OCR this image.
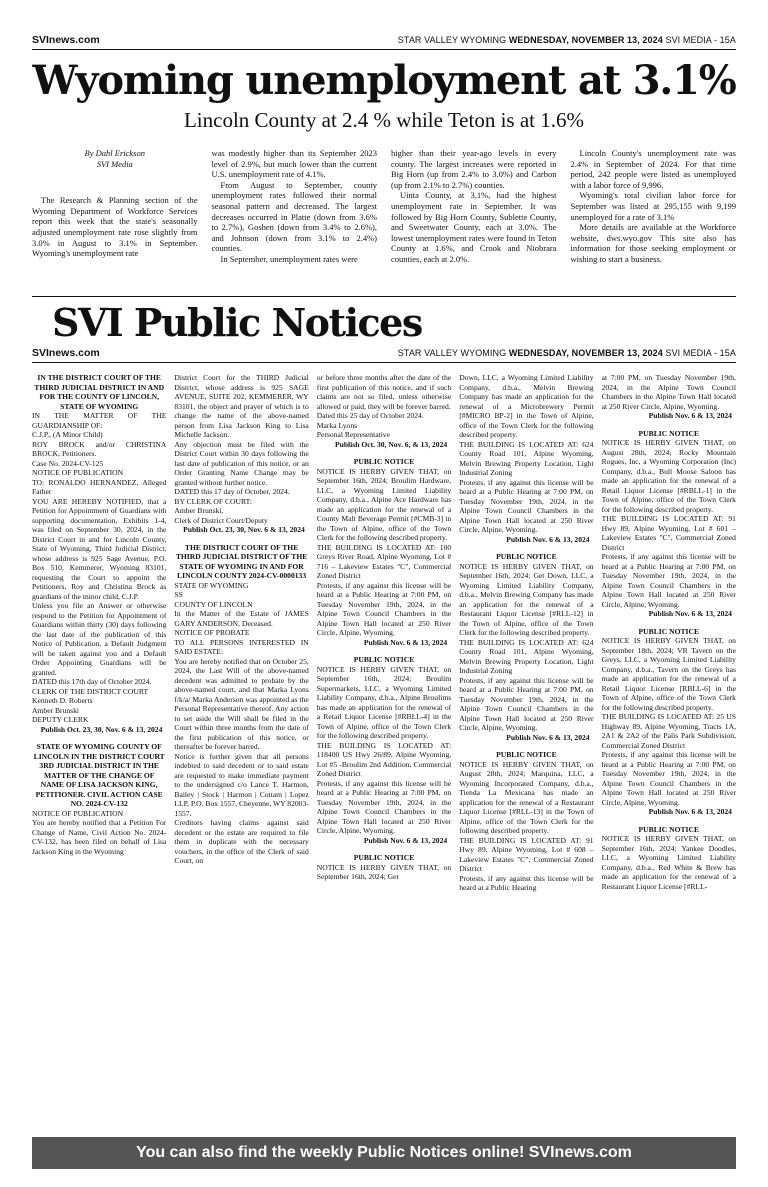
SVInews.com	STAR VALLEY WYOMING WEDNESDAY, NOVEMBER 13, 2024 SVI MEDIA - 15A
Wyoming unemployment at 3.1%
Lincoln County at 2.4 % while Teton is at 1.6%

By Dahl Erickson
SVI Media

The Research & Planning section of the Wyoming Department of Workforce Services report this week that the state's seasonally adjusted unemployment rate rose slightly from 3.0% in August to 3.1% in September. Wyoming's unemployment rate

was modestly higher than its September 2023 level of 2.9%, but much lower than the current U.S. unemployment rate of 4.1%.

From August to September, county unemployment rates followed their normal seasonal pattern and decreased. The largest decreases occurred in Platte (down from 3.6% to 2.7%), Goshen (down from 3.4% to 2.6%), and Johnson (down from 3.1% to 2.4%) counties.

In September, unemployment rates were

higher than their year-ago levels in every county. The largest increases were reported in Big Horn (up from 2.4% to 3.0%) and Carbon (up from 2.1% to 2.7%) counties.

Uinta County, at 3.1%, had the highest unemployment rate in September. It was followed by Big Horn County, Sublette County, and Sweetwater County, each at 3.0%. The lowest unemployment rates were found in Teton County at 1.6%, and Crook and Niobrara counties, each at 2.0%.

Lincoln County's unemployment rate was 2.4% in September of 2024. For that time period, 242 people were listed as unemployed with a labor force of 9,996.

Wyoming's total civilian labor force for September was listed at 295,155 with 9,199 unemployed for a rate of 3.1%

More details are available at the Workforce website, dws.wyo.gov This site also has information for those seeking employment or wishing to start a business.

SVI Public Notices
SVInews.com	STAR VALLEY WYOMING WEDNESDAY, NOVEMBER 13, 2024 SVI MEDIA - 15A

IN THE DISTRICT COURT OF THE THIRD JUDICIAL DISTRICT IN AND FOR THE COUNTY OF LINCOLN, STATE OF WYOMING

IN THE MATTER OF THE GUARDIANSHIP OF:

C.J.P., (A Minor Child)

ROY BROCK and/or CHRISTINA BROCK, Petitioners.

Case No. 2024-CV-125

NOTICE OF PUBLICATION

TO: RONALDO HERNANDEZ, Alleged Father

YOU ARE HEREBY NOTIFIED, that a Petition for Appointment of Guardians with supporting documentation, Exhibits 1-4, was filed on September 30, 2024, in the District Court in and for Lincoln County, State of Wyoming, Third Judicial District, whose address is 925 Sage Avenue, P.O. Box 510, Kemmerer, Wyoming 83101, requesting the Court to appoint the Petitioners, Roy and Christina Brock as guardians of the minor child, C.J.P.

Unless you file an Answer or otherwise respond to the Petition for Appointment of Guardians within thirty (30) days following the last date of the publication of this Notice of Publication, a Default Judgment will be taken against you and a Default Order Appointing Guardians will be granted.

DATED this 17th day of October 2024.

CLERK OF THE DISTRICT COURT

Kenneth D. Roberts

Amber Brunski

DEPUTY CLERK

Publish Oct. 23, 30, Nov. 6 & 13, 2024

STATE OF WYOMING COUNTY OF LINCOLN IN THE DISTRICT COURT 3RD JUDICIAL DISTRICT IN THE MATTER OF THE CHANGE OF NAME OF LISA JACKSON KING, PETITIONER. CIVIL ACTION CASE NO. 2024-CV-132

NOTICE OF PUBLICATION

You are hereby notified that a Petition For Change of Name, Civil Action No. 2024-CV-132, has been filed on behalf of Lisa Jackson King in the Wyoming

District Court for the THIRD Judicial District, whose address is 925 SAGE AVENUE, SUITE 202, KEMMERER, WY 83101, the object and prayer of which is to change the name of the above-named person from Lisa Jackson King to Lisa Michelle Jackson.

Any objection must be filed with the District Court within 30 days following the last date of publication of this notice, or an Order Granting Name Change may be granted without further notice.

DATED this 17 day of October, 2024.

BY CLERK OF COURT:

Amber Brunski,

Clerk of District Court/Deputy

Publish Oct. 23, 30, Nov. 6 & 13, 2024

THE DISTRICT COURT OF THE THIRD JUDICIAL DISTRICT OF THE STATE OF WYOMING IN AND FOR LINCOLN COUNTY 2024-CV-0000133

STATE OF WYOMING

SS

COUNTY OF LINCOLN

In the Matter of the Estate of JAMES GARY ANDERSON, Deceased.

NOTICE OF PROBATE

TO ALL PERSONS INTERESTED IN SAID ESTATE:

You are hereby notified that on October 25, 2024, the Last Will of the above-named decedent was admitted to probate by the above-named court, and that Marka Lyons f/k/a/ Marka Anderson was appointed as the Personal Representative thereof. Any action to set aside the Will shall be filed in the Court within three months from the date of the first publication of this notice, or thereafter be forever barred.

Notice is further given that all persons indebted to said decedent or to said estate are requested to make immediate payment to the undersigned c/o Lance T. Harmon, Bailey | Stock | Harmon | Cottam | Lopez LLP, P.O. Box 1557, Cheyenne, WY 82003-1557.

Creditors having claims against said decedent or the estate are required to file them in duplicate with the necessary vouchers, in the office of the Clerk of said Court, on

or before three months after the date of the first publication of this notice, and if such claims are not so filed, unless otherwise allowed or paid, they will be forever barred.

Dated this 25 day of October 2024.

Marka Lyons

Personal Representative

Publish Oct. 30, Nov. 6, & 13, 2024

PUBLIC NOTICE

NOTICE IS HERBY GIVEN THAT, on September 16th, 2024; Broulim Hardware, LLC, a Wyoming Limited Liability Company, d.b.a., Alpine Ace Hardware has made an application for the renewal of a County Malt Beverage Permit [#CMB-3] in the Town of Alpine, office of the Town Clerk for the following described property.

THE BUILDING IS LOCATED AT: 100 Greys River Road, Alpine Wyoming, Lot # 716 – Lakeview Estates "C", Commercial Zoned District

Protests, if any against this license will be heard at a Public Hearing at 7:00 PM, on Tuesday November 19th, 2024, in the Alpine Town Council Chambers in the Alpine Town Hall located at 250 River Circle, Alpine, Wyoming.

Publish Nov. 6 & 13, 2024

PUBLIC NOTICE

NOTICE IS HERBY GIVEN THAT, on September 16th, 2024; Broulim Supermarkets, LLC, a Wyoming Limited Liability Company, d.b.a., Alpine Broulims has made an application for the renewal of a Retail Liquor License [#RBLL-4] in the Town of Alpine, office of the Town Clerk for the following described property.

THE BUILDING IS LOCATED AT: 118400 US Hwy 26/89, Alpine Wyoming, Lot #5 -Broulim 2nd Addition, Commercial Zoned District

Protests, if any against this license will be heard at a Public Hearing at 7:00 PM, on Tuesday November 19th, 2024, in the Alpine Town Council Chambers in the Alpine Town Hall located at 250 River Circle, Alpine, Wyoming.

Publish Nov. 6 & 13, 2024

PUBLIC NOTICE

NOTICE IS HERBY GIVEN THAT, on September 16th, 2024; Get

Down, LLC, a Wyoming Limited Liability Company, d.b.a., Melvin Brewing Company has made an application for the renewal of a Microbrewery Permit [#MICRO BP-2] in the Town of Alpine, office of the Town Clerk for the following described property.

THE BUILDING IS LOCATED AT: 624 County Road 101, Alpine Wyoming, Melvin Brewing Property Location, Light Industrial Zoning

Protests, if any against this license will be heard at a Public Hearing at 7:00 PM, on Tuesday November 19th, 2024, in the Alpine Town Council Chambers in the Alpine Town Hall located at 250 River Circle, Alpine, Wyoming.

Publish Nov. 6 & 13, 2024

PUBLIC NOTICE

NOTICE IS HERBY GIVEN THAT, on September 16th, 2024; Get Down, LLC, a Wyoming Limited Liability Company, d.b.a., Melvin Brewing Company has made an application for the renewal of a Restaurant Liquor License [#RLL-12] in the Town of Alpine, office of the Town Clerk for the following described property.

THE BUILDING IS LOCATED AT: 624 County Road 101, Alpine Wyoming, Melvin Brewing Property Location, Light Industrial Zoning

Protests, if any against this license will be heard at a Public Hearing at 7:00 PM, on Tuesday November 19th, 2024, in the Alpine Town Council Chambers in the Alpine Town Hall located at 250 River Circle, Alpine, Wyoming.

Publish Nov. 6 & 13, 2024

PUBLIC NOTICE

NOTICE IS HERBY GIVEN THAT, on August 28th, 2024; Marquina, LLC, a Wyoming Incorporated Company, d.b.a., Tienda La Mexicana has made an application for the renewal of a Restaurant Liquor License [#RLL-13] in the Town of Alpine, office of the Town Clerk for the following described property.

THE BUILDING IS LOCATED AT: 91 Hwy 89, Alpine Wyoming, Lot # 608 – Lakeview Estates "C", Commercial Zoned District

Protests, if any against this license will be heard at a Public Hearing

at 7:00 PM, on Tuesday November 19th, 2024, in the Alpine Town Council Chambers in the Alpine Town Hall located at 250 River Circle, Alpine, Wyoming.

Publish Nov. 6 & 13, 2024

PUBLIC NOTICE

NOTICE IS HERBY GIVEN THAT, on August 28th, 2024; Rocky Mountain Rogues, Inc, a Wyoming Corporation (Inc) Company, d.b.a., Bull Moose Saloon has made an application for the renewal of a Retail Liquor License [#RBLL-1] in the Town of Alpine, office of the Town Clerk for the following described property.

THE BUILDING IS LOCATED AT: 91 Hwy 89, Alpine Wyoming, Lot # 601 – Lakeview Estates "C", Commercial Zoned District

Protests, if any against this license will be heard at a Public Hearing at 7:00 PM, on Tuesday November 19th, 2024, in the Alpine Town Council Chambers in the Alpine Town Hall located at 250 River Circle, Alpine, Wyoming.

Publish Nov. 6 & 13, 2024

PUBLIC NOTICE

NOTICE IS HERBY GIVEN THAT, on September 18th, 2024; VR Tavern on the Greys, LLC, a Wyoming Limited Liability Company, d.b.a., Tavern on the Greys has made an application for the renewal of a Retail Liquor License [RBLL-6] in the Town of Alpine, office of the Town Clerk for the following described property.

THE BUILDING IS LOCATED AT: 25 US Highway 89, Alpine Wyoming, Tracts 1A, 2A1 & 2A2 of the Palis Park Subdivision, Commercial Zoned District

Protests, if any against this license will be heard at a Public Hearing at 7:00 PM, on Tuesday November 19th, 2024, in the Alpine Town Council Chambers in the Alpine Town Hall located at 250 River Circle, Alpine, Wyoming.

Publish Nov. 6 & 13, 2024

PUBLIC NOTICE

NOTICE IS HERBY GIVEN THAT, on September 16th, 2024; Yankee Doodles, LLC, a Wyoming Limited Liability Company, d.b.a., Red White & Brew has made an application for the renewal of a Restaurant Liquor License [#RLL-

You can also find the weekly Public Notices online! SVInews.com
